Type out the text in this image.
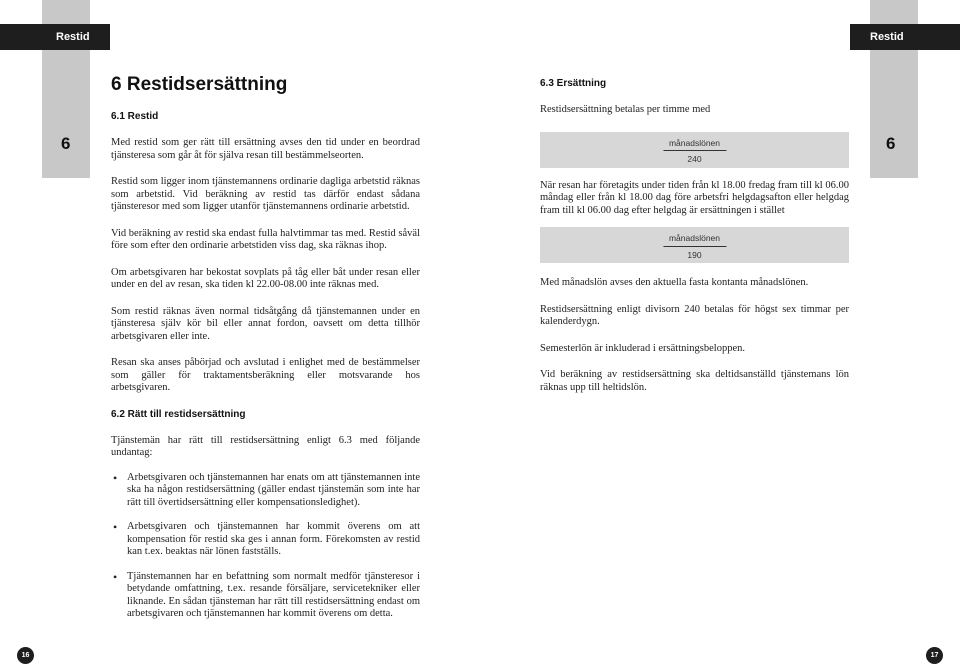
Restid	Restid
6	6
6 Restidsersättning

6.1 Restid

Med restid som ger rätt till ersättning avses den tid under en beordrad tjänsteresa som går åt för själva resan till bestämmelseorten.

Restid som ligger inom tjänstemannens ordinarie dagliga arbetstid räknas som arbetstid. Vid beräkning av restid tas därför endast sådana tjänsteresor med som ligger utanför tjänstemannens ordinarie arbetstid.

Vid beräkning av restid ska endast fulla halvtimmar tas med. Restid såväl före som efter den ordinarie arbetstiden viss dag, ska räknas ihop.

Om arbetsgivaren har bekostat sovplats på tåg eller båt under resan eller under en del av resan, ska tiden kl 22.00-08.00 inte räknas med.

Som restid räknas även normal tidsåtgång då tjänstemannen under en tjänsteresa själv kör bil eller annat fordon, oavsett om detta tillhör arbetsgivaren eller inte.

Resan ska anses påbörjad och avslutad i enlighet med de bestämmelser som gäller för traktamentsberäkning eller motsvarande hos arbetsgivaren.

6.2 Rätt till restidsersättning

Tjänstemän har rätt till restidsersättning enligt 6.3 med följande undantag:

• Arbetsgivaren och tjänstemannen har enats om att tjänstemannen inte ska ha någon restidsersättning (gäller endast tjänstemän som inte har rätt till övertidsersättning eller kompensationsledighet).
• Arbetsgivaren och tjänstemannen har kommit överens om att kompensation för restid ska ges i annan form. Förekomsten av restid kan t.ex. beaktas när lönen fastställs.
• Tjänstemannen har en befattning som normalt medför tjänsteresor i betydande omfattning, t.ex. resande försäljare, servicetekniker eller liknande. En sådan tjänsteman har rätt till restidsersättning endast om arbetsgivaren och tjänstemannen har kommit överens om detta.

6.3 Ersättning

Restidsersättning betalas per timme med

månadslönen
240

När resan har företagits under tiden från kl 18.00 fredag fram till kl 06.00 måndag eller från kl 18.00 dag före arbetsfri helgdagsafton eller helgdag fram till kl 06.00 dag efter helgdag är ersättningen i stället

månadslönen
190

Med månadslön avses den aktuella fasta kontanta månadslönen.

Restidsersättning enligt divisorn 240 betalas för högst sex timmar per kalenderdygn.

Semesterlön är inkluderad i ersättningsbeloppen.

Vid beräkning av restidsersättning ska deltidsanställd tjänstemans lön räknas upp till heltidslön.

16	17
